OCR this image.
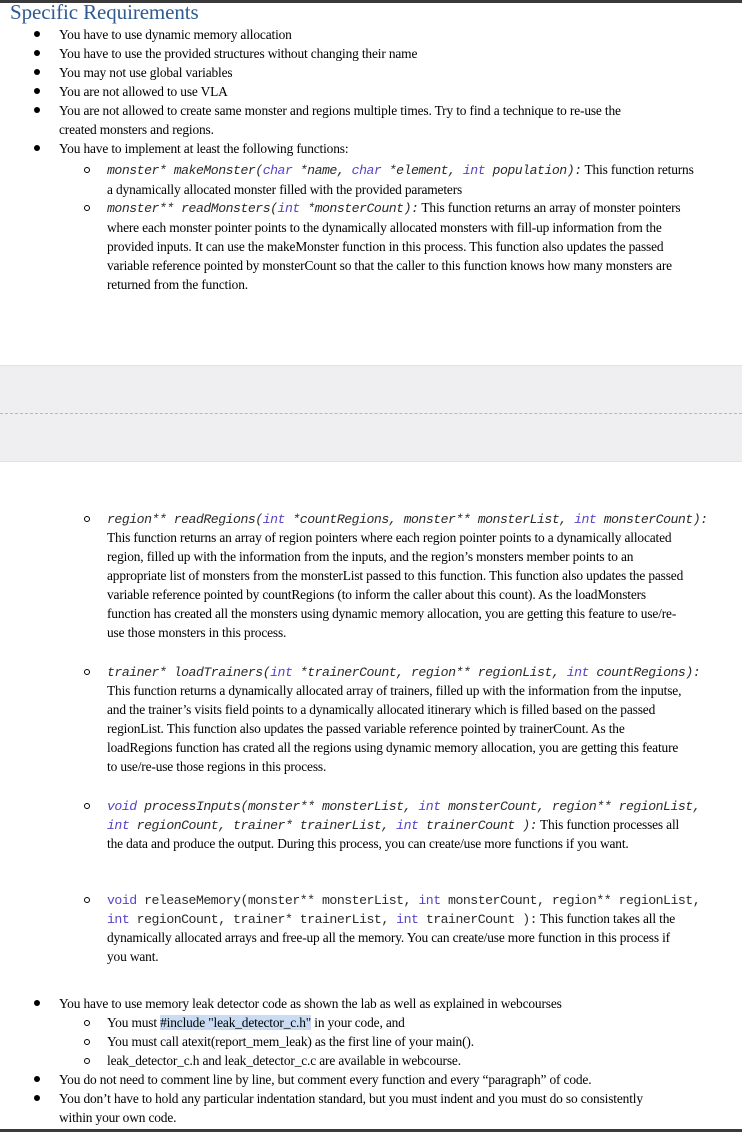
Specific Requirements
You have to use dynamic memory allocation
You have to use the provided structures without changing their name
You may not use global variables
You are not allowed to use VLA
You are not allowed to create same monster and regions multiple times. Try to find a technique to re-use the
created monsters and regions.
You have to implement at least the following functions:
monster* makeMonster(char *name, char *element, int population): This function returns
a dynamically allocated monster filled with the provided parameters
monster** readMonsters(int *monsterCount): This function returns an array of monster pointers
where each monster pointer points to the dynamically allocated monsters with fill-up information from the
provided inputs. It can use the makeMonster function in this process. This function also updates the passed
variable reference pointed by monsterCount so that the caller to this function knows how many monsters are
returned from the function.
region** readRegions(int *countRegions, monster** monsterList, int monsterCount):
This function returns an array of region pointers where each region pointer points to a dynamically allocated
region, filled up with the information from the inputs, and the region’s monsters member points to an
appropriate list of monsters from the monsterList passed to this function. This function also updates the passed
variable reference pointed by countRegions (to inform the caller about this count). As the loadMonsters
function has created all the monsters using dynamic memory allocation, you are getting this feature to use/re-
use those monsters in this process.
trainer* loadTrainers(int *trainerCount, region** regionList, int countRegions):
This function returns a dynamically allocated array of trainers, filled up with the information from the inputse,
and the trainer’s visits field points to a dynamically allocated itinerary which is filled based on the passed
regionList. This function also updates the passed variable reference pointed by trainerCount. As the
loadRegions function has crated all the regions using dynamic memory allocation, you are getting this feature
to use/re-use those regions in this process.
void processInputs(monster** monsterList, int monsterCount, region** regionList,
int regionCount, trainer* trainerList, int trainerCount ): This function processes all
the data and produce the output. During this process, you can create/use more functions if you want.
void releaseMemory(monster** monsterList, int monsterCount, region** regionList,
int regionCount, trainer* trainerList, int trainerCount ): This function takes all the
dynamically allocated arrays and free-up all the memory. You can create/use more function in this process if
you want.
You have to use memory leak detector code as shown the lab as well as explained in webcourses
You must #include "leak_detector_c.h" in your code, and
You must call atexit(report_mem_leak) as the first line of your main().
leak_detector_c.h and leak_detector_c.c are available in webcourse.
You do not need to comment line by line, but comment every function and every “paragraph” of code.
You don’t have to hold any particular indentation standard, but you must indent and you must do so consistently
within your own code.
